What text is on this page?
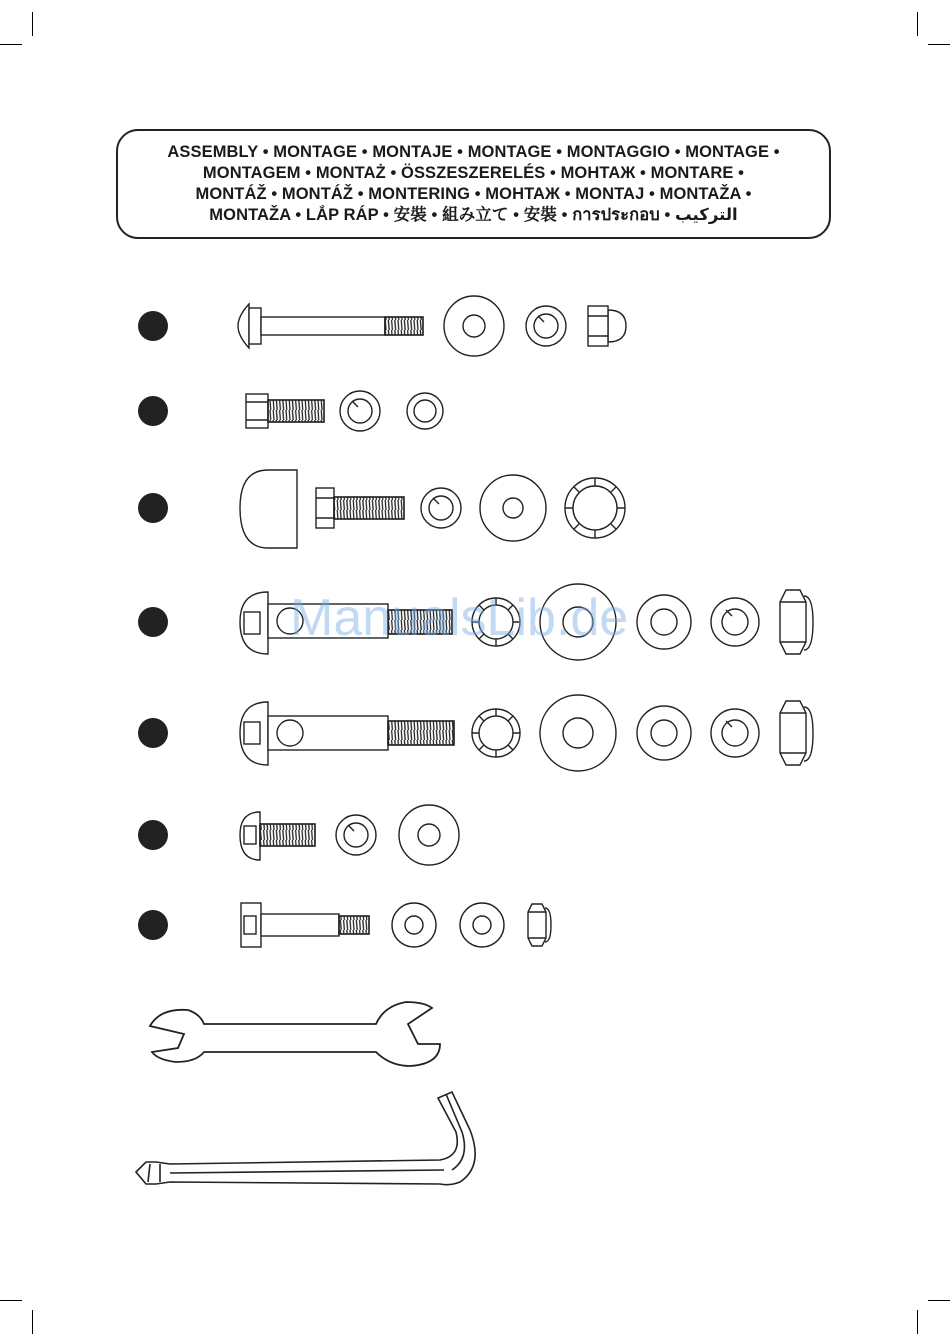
ASSEMBLY • MONTAGE • MONTAJE • MONTAGE • MONTAGGIO • MONTAGE •
MONTAGEM • MONTAŻ • ÖSSZESZERELÉS • MOHTAЖ • MONTARE •
MONTÁŽ • MONTÁŽ • MONTERING • MOHTAЖ • MONTAJ • MONTAŽA •
MONTAŽA • LẮP RÁP • 安裝 • 組み立て • 安裝 • การประกอบ • التركيب
ManualsLib.de
